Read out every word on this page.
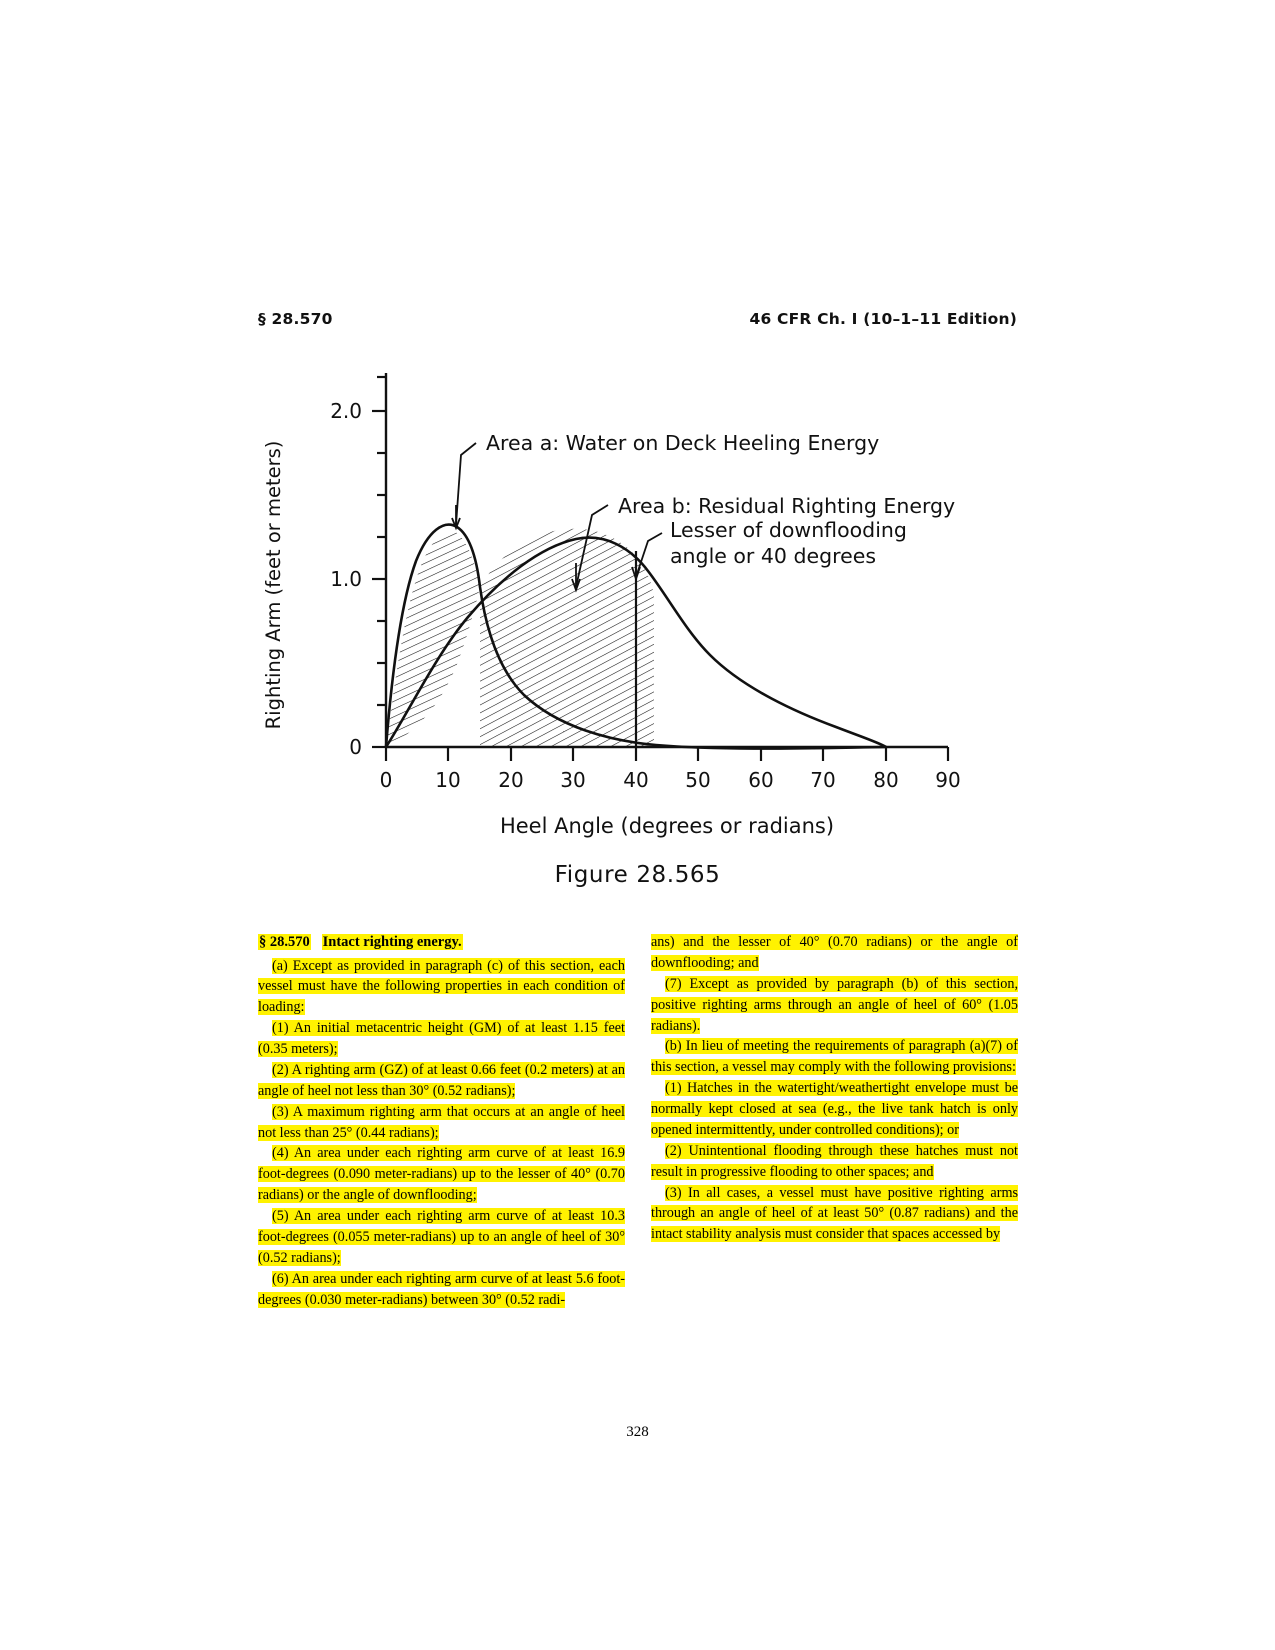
§ 28.570	46 CFR Ch. I (10–1–11 Edition)
Righting Arm (feet or meters)
0
1.0
2.0
0 10 20 30 40 50 60 70 80 90
Heel Angle (degrees or radians)
Area a: Water on Deck Heeling Energy
Area b: Residual Righting Energy
Lesser of downflooding
angle or 40 degrees
Figure 28.565

§ 28.570 Intact righting energy.

(a) Except as provided in paragraph (c) of this section, each vessel must have the following properties in each condition of loading:

(1) An initial metacentric height (GM) of at least 1.15 feet (0.35 meters);

(2) A righting arm (GZ) of at least 0.66 feet (0.2 meters) at an angle of heel not less than 30° (0.52 radians);

(3) A maximum righting arm that occurs at an angle of heel not less than 25° (0.44 radians);

(4) An area under each righting arm curve of at least 16.9 foot-degrees (0.090 meter-radians) up to the lesser of 40° (0.70 radians) or the angle of downflooding;

(5) An area under each righting arm curve of at least 10.3 foot-degrees (0.055 meter-radians) up to an angle of heel of 30° (0.52 radians);

(6) An area under each righting arm curve of at least 5.6 foot-degrees (0.030 meter-radians) between 30° (0.52 radi-

ans) and the lesser of 40° (0.70 radians) or the angle of downflooding; and

(7) Except as provided by paragraph (b) of this section, positive righting arms through an angle of heel of 60° (1.05 radians).

(b) In lieu of meeting the requirements of paragraph (a)(7) of this section, a vessel may comply with the following provisions:

(1) Hatches in the watertight/weathertight envelope must be normally kept closed at sea (e.g., the live tank hatch is only opened intermittently, under controlled conditions); or

(2) Unintentional flooding through these hatches must not result in progressive flooding to other spaces; and

(3) In all cases, a vessel must have positive righting arms through an angle of heel of at least 50° (0.87 radians) and the intact stability analysis must consider that spaces accessed by

328
